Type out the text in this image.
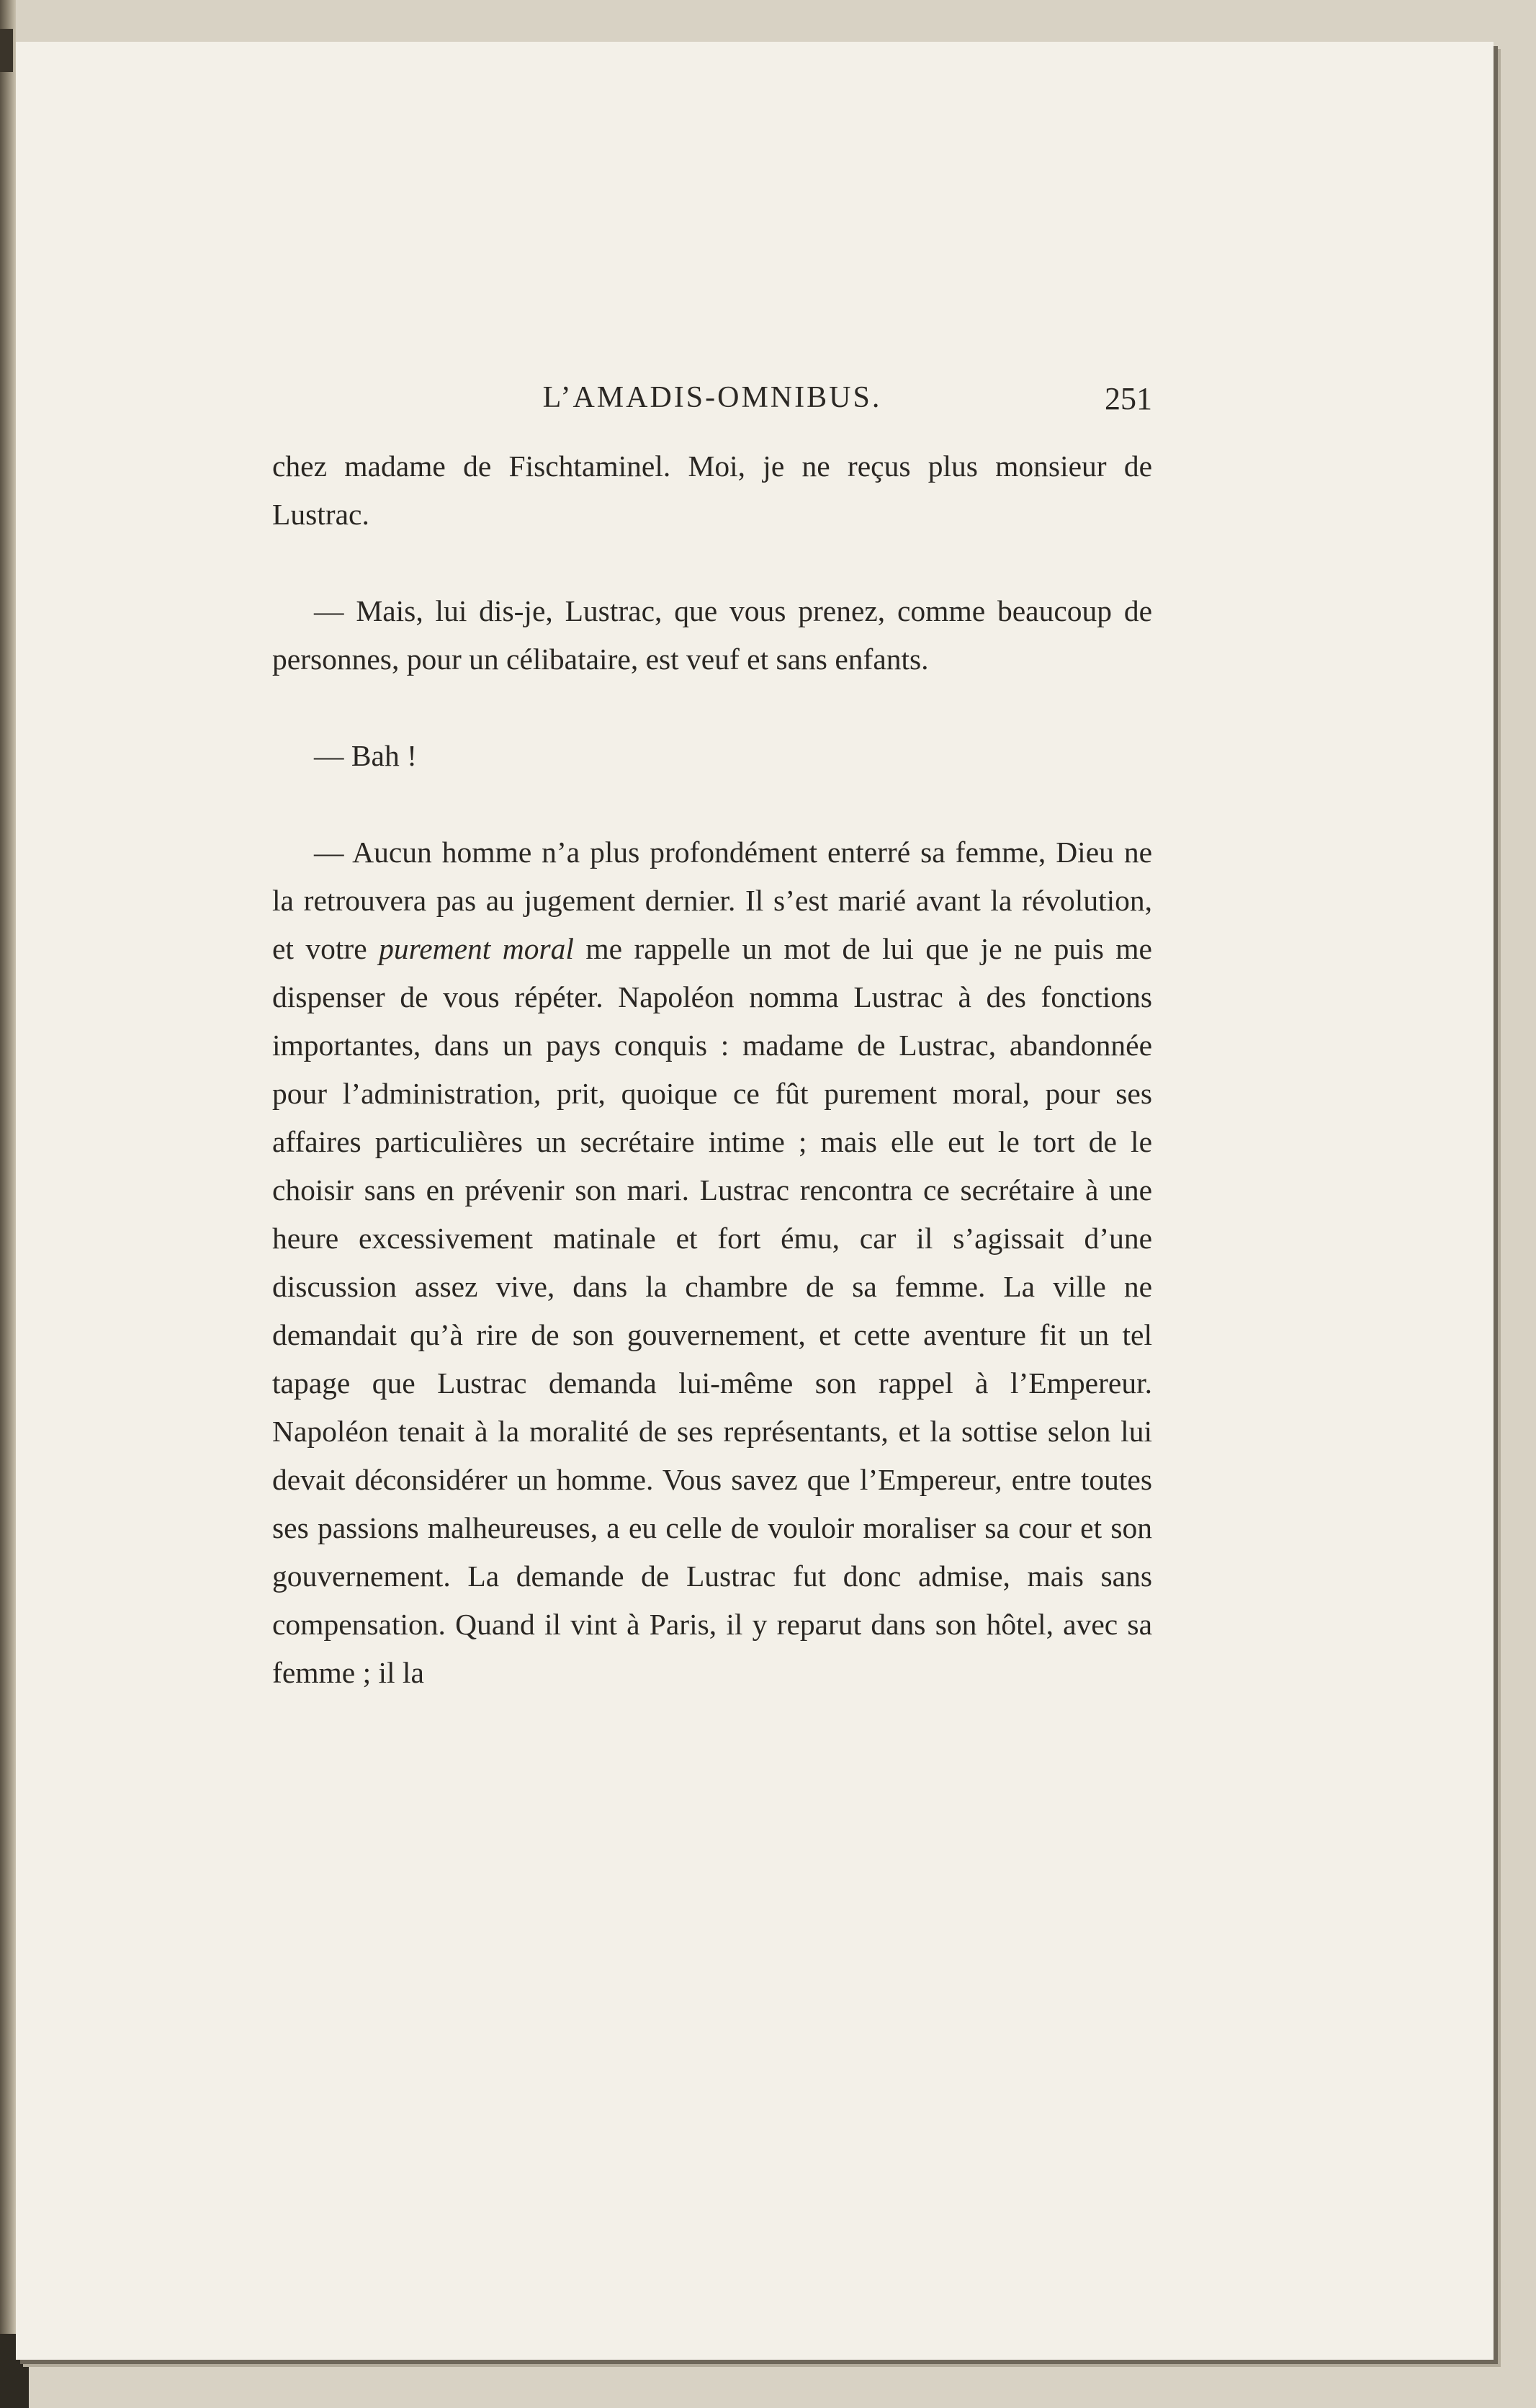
L’AMADIS-OMNIBUS.	251

chez madame de Fischtaminel. Moi, je ne reçus plus monsieur de Lustrac.

— Mais, lui dis-je, Lustrac, que vous prenez, comme beaucoup de personnes, pour un célibataire, est veuf et sans enfants.

— Bah !

— Aucun homme n’a plus profondément enterré sa femme, Dieu ne la retrouvera pas au jugement dernier. Il s’est marié avant la révolution, et votre purement moral me rappelle un mot de lui que je ne puis me dispenser de vous répéter. Napoléon nomma Lustrac à des fonctions importantes, dans un pays conquis : madame de Lustrac, abandonnée pour l’administration, prit, quoique ce fût purement moral, pour ses affaires particulières un secrétaire intime ; mais elle eut le tort de le choisir sans en prévenir son mari. Lustrac rencontra ce secrétaire à une heure excessivement matinale et fort ému, car il s’agissait d’une discussion assez vive, dans la chambre de sa femme. La ville ne demandait qu’à rire de son gouvernement, et cette aventure fit un tel tapage que Lustrac demanda lui-même son rappel à l’Empereur. Napoléon tenait à la moralité de ses représentants, et la sottise selon lui devait déconsidérer un homme. Vous savez que l’Empereur, entre toutes ses passions malheureuses, a eu celle de vouloir moraliser sa cour et son gouvernement. La demande de Lustrac fut donc admise, mais sans compensation. Quand il vint à Paris, il y reparut dans son hôtel, avec sa femme ; il la
